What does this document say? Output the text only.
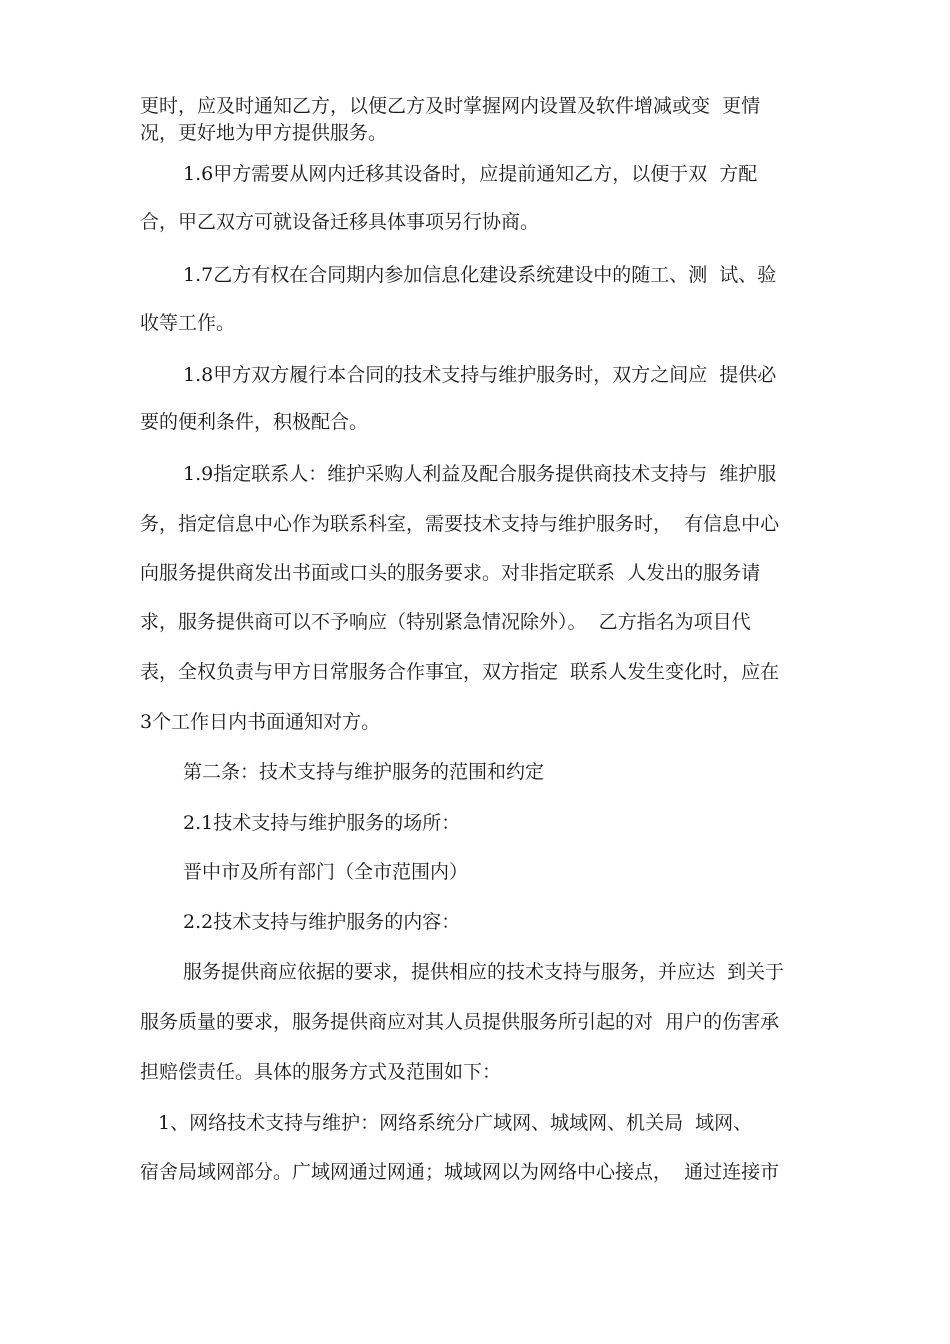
更时，应及时通知乙方，以便乙方及时掌握网内设置及软件增减或变  更情
况，更好地为甲方提供服务。
1.6甲方需要从网内迁移其设备时，应提前通知乙方，以便于双  方配
合，甲乙双方可就设备迁移具体事项另行协商。
1.7乙方有权在合同期内参加信息化建设系统建设中的随工、测  试、验
收等工作。
1.8甲方双方履行本合同的技术支持与维护服务时，双方之间应  提供必
要的便利条件，积极配合。
1.9指定联系人：维护采购人利益及配合服务提供商技术支持与  维护服
务，指定信息中心作为联系科室，需要技术支持与维护服务时，  有信息中心
向服务提供商发出书面或口头的服务要求。对非指定联系  人发出的服务请
求，服务提供商可以不予响应（特别紧急情况除外）。  乙方指名为项目代
表，全权负责与甲方日常服务合作事宜，双方指定  联系人发生变化时，应在
3个工作日内书面通知对方。
第二条：技术支持与维护服务的范围和约定
2.1技术支持与维护服务的场所：
晋中市及所有部门（全市范围内）
2.2技术支持与维护服务的内容：
服务提供商应依据的要求，提供相应的技术支持与服务，并应达  到关于
服务质量的要求，服务提供商应对其人员提供服务所引起的对  用户的伤害承
担赔偿责任。具体的服务方式及范围如下：
1、网络技术支持与维护：网络系统分广域网、城域网、机关局  域网、
宿舍局域网部分。广域网通过网通；城域网以为网络中心接点，  通过连接市
